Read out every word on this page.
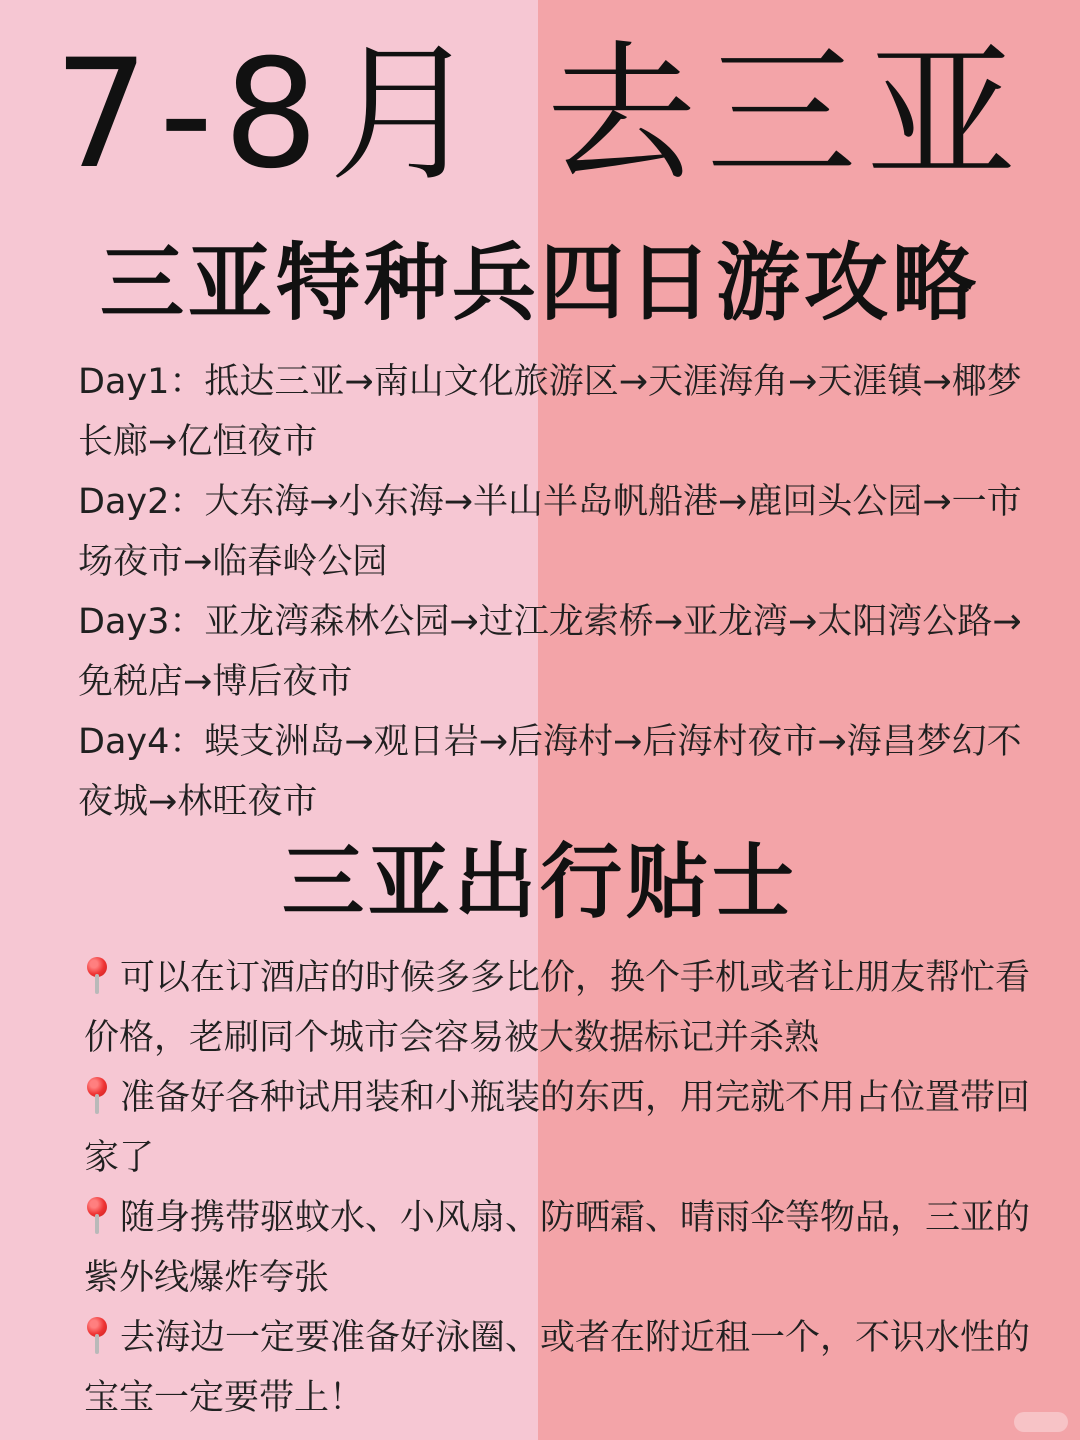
7-8月 去三亚
三亚特种兵四日游攻略

Day1：抵达三亚→南山文化旅游区→天涯海角→天涯镇→椰梦长廊→亿恒夜市

Day2：大东海→小东海→半山半岛帆船港→鹿回头公园→一市场夜市→临春岭公园

Day3：亚龙湾森林公园→过江龙索桥→亚龙湾→太阳湾公路→免税店→博后夜市

Day4：蜈支洲岛→观日岩→后海村→后海村夜市→海昌梦幻不夜城→林旺夜市

三亚出行贴士

可以在订酒店的时候多多比价，换个手机或者让朋友帮忙看价格，老刷同个城市会容易被大数据标记并杀熟

准备好各种试用装和小瓶装的东西，用完就不用占位置带回家了

随身携带驱蚊水、小风扇、防晒霜、晴雨伞等物品，三亚的紫外线爆炸夸张

去海边一定要准备好泳圈、或者在附近租一个，不识水性的宝宝一定要带上！
